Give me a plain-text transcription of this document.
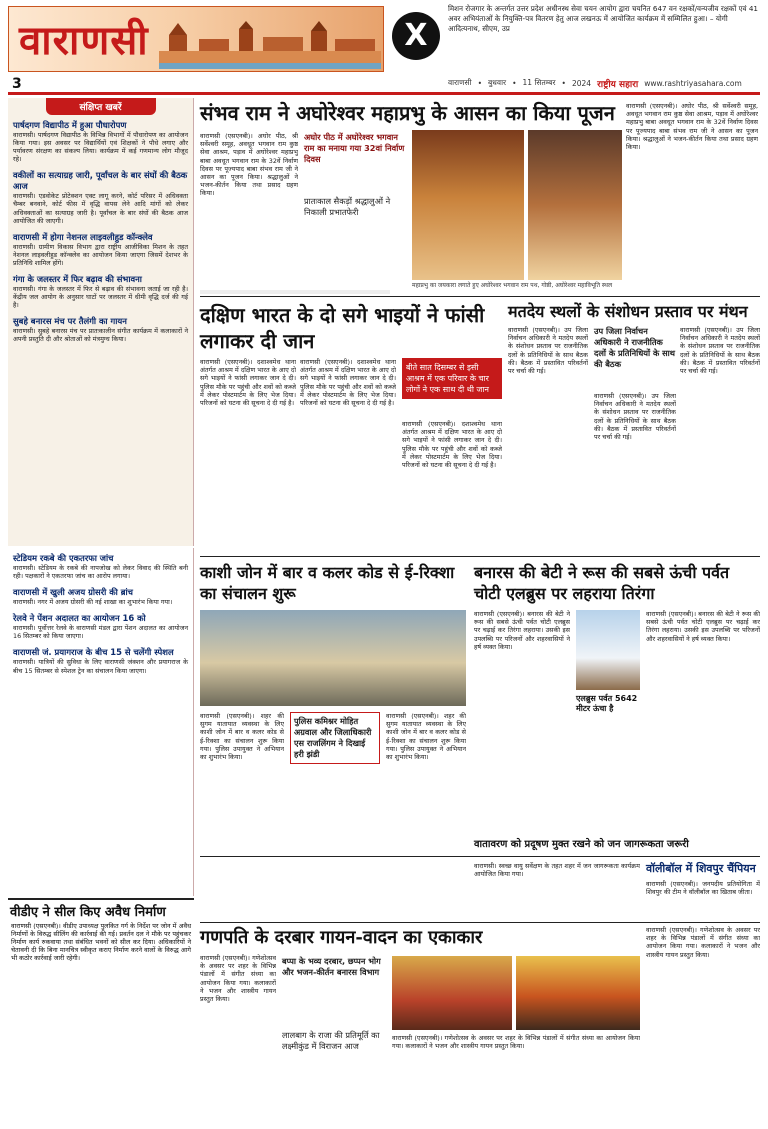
वाराणसी	X
मिशन रोजगार के अन्तर्गत उत्तर प्रदेश अधीनस्थ सेवा चयन आयोग द्वारा चयनित 647 वन रक्षकों/वन्यजीव रक्षकों एवं 41 अवर अभियंताओं के नियुक्ति-पत्र वितरण हेतु आज लखनऊ में आयोजित कार्यक्रम में सम्मिलित हुआ। – योगी आदित्यनाथ, सीएम, उप्र
3	वाराणसी • बुधवार • 11 सितम्बर • 2024 राष्ट्रीय सहारा www.rashtriyasahara.com
संक्षिप्त खबरें
पार्षदगण विद्यापीठ में हुआ पौधारोपण

वाराणसी। पार्षदगण विद्यापीठ के विभिन्न विभागों में पौधारोपण का आयोजन किया गया। इस अवसर पर विद्यार्थियों एवं शिक्षकों ने पौधे लगाए और पर्यावरण संरक्षण का संकल्प लिया। कार्यक्रम में कई गणमान्य लोग मौजूद रहे।

वकीलों का सत्याग्रह जारी, पूर्वांचल के बार संघों की बैठक आज

वाराणसी। एडवोकेट प्रोटेक्शन एक्ट लागू करने, कोर्ट परिसर में अधिवक्ता चैम्बर बनवाने, कोर्ट फीस में वृद्धि वापस लेने आदि मांगों को लेकर अधिवक्ताओं का सत्याग्रह जारी है। पूर्वांचल के बार संघों की बैठक आज आयोजित की जाएगी।

वाराणसी में होगा नेशनल लाइवलीहुड कॉन्क्लेव

वाराणसी। ग्रामीण विकास विभाग द्वारा राष्ट्रीय आजीविका मिशन के तहत नेशनल लाइवलीहुड कॉन्क्लेव का आयोजन किया जाएगा जिसमें देशभर के प्रतिनिधि शामिल होंगे।

गंगा के जलस्तर में फिर बढ़ाव की संभावना

वाराणसी। गंगा के जलस्तर में फिर से बढ़ाव की संभावना जताई जा रही है। केंद्रीय जल आयोग के अनुसार घाटों पर जलस्तर में धीमी वृद्धि दर्ज की गई है।

सुबहे बनारस मंच पर तैलंगी का गायन

वाराणसी। सुबहे बनारस मंच पर प्रातःकालीन संगीत कार्यक्रम में कलाकारों ने अपनी प्रस्तुति दी और श्रोताओं को मंत्रमुग्ध किया।

स्टेडियम रकबे की एकतरफा जांच

वाराणसी। स्टेडियम के रकबे की नापजोख को लेकर विवाद की स्थिति बनी रही। पक्षकारों ने एकतरफा जांच का आरोप लगाया।

वाराणसी में खुली अजय ग्रोसरी की ब्रांच

वाराणसी। नगर में अजय ग्रोसरी की नई शाखा का शुभारंभ किया गया।

रेलवे ने पेंशन अदालत का आयोजन 16 को

वाराणसी। पूर्वोत्तर रेलवे के वाराणसी मंडल द्वारा पेंशन अदालत का आयोजन 16 सितम्बर को किया जाएगा।

वाराणसी जं. प्रयागराज के बीच 15 से चलेंगी स्पेशल

वाराणसी। यात्रियों की सुविधा के लिए वाराणसी जंक्शन और प्रयागराज के बीच 15 सितम्बर से स्पेशल ट्रेन का संचालन किया जाएगा।

वीडीए ने सील किए अवैध निर्माण

वाराणसी (एसएनबी)। वीडीए उपाध्यक्ष पुलकित गर्ग के निर्देश पर जोन में अवैध निर्माणों के विरुद्ध सीलिंग की कार्रवाई की गई। प्रवर्तन दल ने मौके पर पहुंचकर निर्माण कार्य रुकवाया तथा संबंधित भवनों को सील कर दिया। अधिकारियों ने चेतावनी दी कि बिना मानचित्र स्वीकृत कराए निर्माण करने वालों के विरुद्ध आगे भी कठोर कार्रवाई जारी रहेगी।

संभव राम ने अघोरेश्वर महाप्रभु के आसन का किया पूजन
वाराणसी (एसएनबी)। अघोर पीठ, श्री सर्वेश्वरी समूह, अवधूत भगवान राम कुष्ठ सेवा आश्रम, पड़ाव में अघोरेश्वर महाप्रभु बाबा अवधूत भगवान राम के 32वें निर्वाण दिवस पर पूज्यपाद बाबा संभव राम जी ने आसन का पूजन किया। श्रद्धालुओं ने भजन-कीर्तन किया तथा प्रसाद ग्रहण किया।
अघोर पीठ में अघोरेश्वर भगवान राम का मनाया गया 32वां निर्वाण दिवस
प्रातःकाल सैकड़ों श्रद्धालुओं ने निकाली प्रभातफेरी
महाप्रभु का जयकारा लगाते हुए अघोरेश्वर भगवान राम पथ, गोष्ठी, अघोरेश्वर महाविभूति स्थल
वाराणसी (एसएनबी)। अघोर पीठ, श्री सर्वेश्वरी समूह, अवधूत भगवान राम कुष्ठ सेवा आश्रम, पड़ाव में अघोरेश्वर महाप्रभु बाबा अवधूत भगवान राम के 32वें निर्वाण दिवस पर पूज्यपाद बाबा संभव राम जी ने आसन का पूजन किया। श्रद्धालुओं ने भजन-कीर्तन किया तथा प्रसाद ग्रहण किया।
दक्षिण भारत के दो सगे भाइयों ने फांसी लगाकर दी जान
वाराणसी (एसएनबी)। दशाश्वमेध थाना अंतर्गत आश्रम में दक्षिण भारत के आए दो सगे भाइयों ने फांसी लगाकर जान दे दी। पुलिस मौके पर पहुंची और शवों को कब्जे में लेकर पोस्टमार्टम के लिए भेज दिया। परिजनों को घटना की सूचना दे दी गई है।
वाराणसी (एसएनबी)। दशाश्वमेध थाना अंतर्गत आश्रम में दक्षिण भारत के आए दो सगे भाइयों ने फांसी लगाकर जान दे दी। पुलिस मौके पर पहुंची और शवों को कब्जे में लेकर पोस्टमार्टम के लिए भेज दिया। परिजनों को घटना की सूचना दे दी गई है।
बीते सात दिसम्बर से इसी आश्रम में एक परिवार के चार लोगों ने एक साथ दी थी जान
वाराणसी (एसएनबी)। दशाश्वमेध थाना अंतर्गत आश्रम में दक्षिण भारत के आए दो सगे भाइयों ने फांसी लगाकर जान दे दी। पुलिस मौके पर पहुंची और शवों को कब्जे में लेकर पोस्टमार्टम के लिए भेज दिया। परिजनों को घटना की सूचना दे दी गई है।
मतदेय स्थलों के संशोधन प्रस्ताव पर मंथन
वाराणसी (एसएनबी)। उप जिला निर्वाचन अधिकारी ने मतदेय स्थलों के संशोधन प्रस्ताव पर राजनीतिक दलों के प्रतिनिधियों के साथ बैठक की। बैठक में प्रस्तावित परिवर्तनों पर चर्चा की गई।
उप जिला निर्वाचन अधिकारी ने राजनीतिक दलों के प्रतिनिधियों के साथ की बैठक
वाराणसी (एसएनबी)। उप जिला निर्वाचन अधिकारी ने मतदेय स्थलों के संशोधन प्रस्ताव पर राजनीतिक दलों के प्रतिनिधियों के साथ बैठक की। बैठक में प्रस्तावित परिवर्तनों पर चर्चा की गई।
वाराणसी (एसएनबी)। उप जिला निर्वाचन अधिकारी ने मतदेय स्थलों के संशोधन प्रस्ताव पर राजनीतिक दलों के प्रतिनिधियों के साथ बैठक की। बैठक में प्रस्तावित परिवर्तनों पर चर्चा की गई।
काशी जोन में बार व कलर कोड से ई-रिक्शा का संचालन शुरू
वाराणसी (एसएनबी)। शहर की सुगम यातायात व्यवस्था के लिए काशी जोन में बार व कलर कोड से ई-रिक्शा का संचालन शुरू किया गया। पुलिस उपायुक्त ने अभियान का शुभारंभ किया।
पुलिस कमिश्नर मोहित अग्रवाल और जिलाधिकारी एस राजलिंगम ने दिखाई हरी झंडी
वाराणसी (एसएनबी)। शहर की सुगम यातायात व्यवस्था के लिए काशी जोन में बार व कलर कोड से ई-रिक्शा का संचालन शुरू किया गया। पुलिस उपायुक्त ने अभियान का शुभारंभ किया।
बनारस की बेटी ने रूस की सबसे ऊंची पर्वत चोटी एलब्रुस पर लहराया तिरंगा
वाराणसी (एसएनबी)। बनारस की बेटी ने रूस की सबसे ऊंची पर्वत चोटी एलब्रुस पर चढ़ाई कर तिरंगा लहराया। उसकी इस उपलब्धि पर परिजनों और शहरवासियों ने हर्ष व्यक्त किया।
एलब्रुस पर्वत 5642 मीटर ऊंचा है
वाराणसी (एसएनबी)। बनारस की बेटी ने रूस की सबसे ऊंची पर्वत चोटी एलब्रुस पर चढ़ाई कर तिरंगा लहराया। उसकी इस उपलब्धि पर परिजनों और शहरवासियों ने हर्ष व्यक्त किया।
वातावरण को प्रदूषण मुक्त रखने को जन जागरूकता जरूरी
वॉलीबॉल में शिवपुर चैंपियन
वाराणसी (एसएनबी)। जनपदीय प्रतियोगिता में शिवपुर की टीम ने वॉलीबॉल का खिताब जीता।
वाराणसी। स्वच्छ वायु सर्वेक्षण के तहत शहर में जन जागरूकता कार्यक्रम आयोजित किया गया।
गणपति के दरबार गायन-वादन का एकाकार
वाराणसी (एसएनबी)। गणेशोत्सव के अवसर पर शहर के विभिन्न पंडालों में संगीत संध्या का आयोजन किया गया। कलाकारों ने भजन और शास्त्रीय गायन प्रस्तुत किया।
बप्पा के भव्य दरबार, छप्पन भोग और भजन-कीर्तन बनारस विभाग
लालबाग के राजा की प्रतिमूर्ति का लक्ष्मीकुंड में विराजन आज
वाराणसी (एसएनबी)। गणेशोत्सव के अवसर पर शहर के विभिन्न पंडालों में संगीत संध्या का आयोजन किया गया। कलाकारों ने भजन और शास्त्रीय गायन प्रस्तुत किया।
वाराणसी (एसएनबी)। गणेशोत्सव के अवसर पर शहर के विभिन्न पंडालों में संगीत संध्या का आयोजन किया गया। कलाकारों ने भजन और शास्त्रीय गायन प्रस्तुत किया।
